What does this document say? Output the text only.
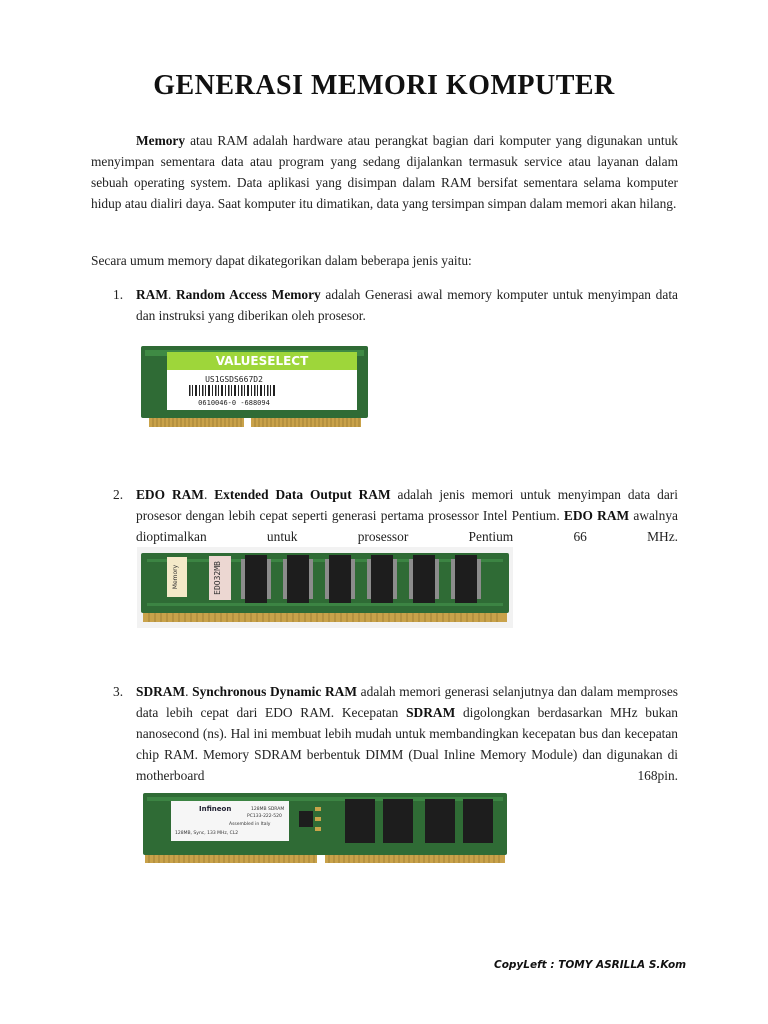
GENERASI MEMORI KOMPUTER

Memory atau RAM adalah hardware atau perangkat bagian dari komputer yang digunakan untuk menyimpan sementara data atau program yang sedang dijalankan termasuk service atau layanan dalam sebuah operating system. Data aplikasi yang disimpan dalam RAM bersifat sementara selama komputer hidup atau dialiri daya. Saat komputer itu dimatikan, data yang tersimpan simpan dalam memori akan hilang.

Secara umum memory dapat dikategorikan dalam beberapa jenis yaitu:

1. RAM. Random Access Memory adalah Generasi awal memory komputer untuk menyimpan data dan instruksi yang diberikan oleh prosesor.
VALUESELECT
US1GSDS667D2
0610046-0 -688094
2. EDO RAM. Extended Data Output RAM adalah jenis memori untuk menyimpan data dari prosesor dengan lebih cepat seperti generasi pertama prosessor Intel Pentium. EDO RAM awalnya dioptimalkan untuk prosessor Pentium 66 MHz.
Memory	EDO32MB
3. SDRAM. Synchronous Dynamic RAM adalah memori generasi selanjutnya dan dalam memproses data lebih cepat dari EDO RAM. Kecepatan SDRAM digolongkan berdasarkan MHz bukan nanosecond (ns). Hal ini membuat lebih mudah untuk membandingkan kecepatan bus dan kecepatan chip RAM. Memory SDRAM berbentuk DIMM (Dual Inline Memory Module) dan digunakan di motherboard 168pin.
Infineon	128MB SDRAM
PC133-222-520
Assembled in Italy
128MB, Sync, 133 MHz, CL2
CopyLeft : TOMY ASRILLA S.Kom
